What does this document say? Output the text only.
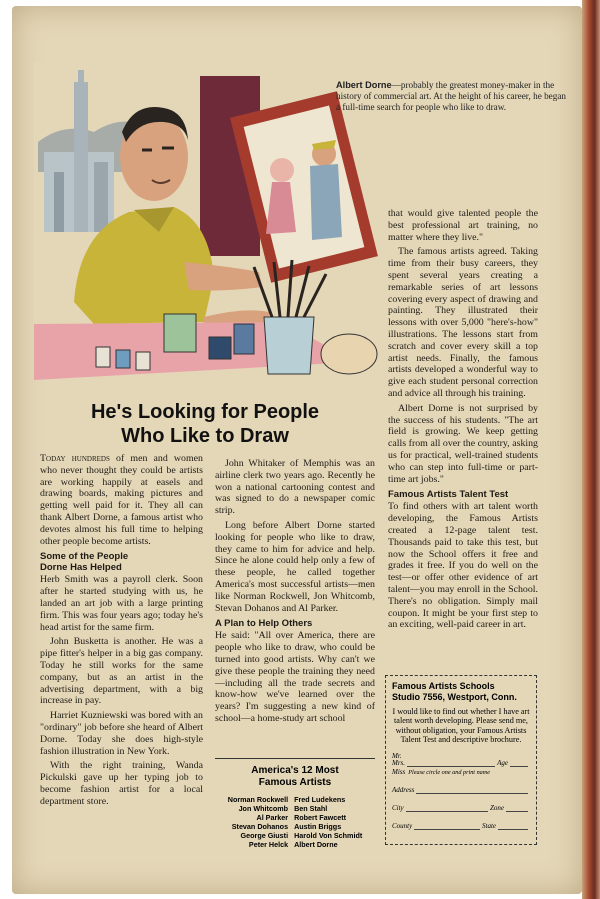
Albert Dorne—probably the greatest money-maker in the history of commercial art. At the height of his career, he began a full-time search for people who like to draw.
He's Looking for People
Who Like to Draw

Today hundreds of men and women who never thought they could be artists are working happily at easels and drawing boards, making pictures and getting well paid for it. They all can thank Albert Dorne, a famous artist who devotes almost his full time to helping other people become artists.

Some of the People
Dorne Has Helped

Herb Smith was a payroll clerk. Soon after he started studying with us, he landed an art job with a large printing firm. This was four years ago; today he's head artist for the same firm.

John Busketta is another. He was a pipe fitter's helper in a big gas company. Today he still works for the same company, but as an artist in the advertising department, with a big increase in pay.

Harriet Kuzniewski was bored with an "ordinary" job before she heard of Albert Dorne. Today she does high-style fashion illustration in New York.

With the right training, Wanda Pickulski gave up her typing job to become fashion artist for a local department store.

John Whitaker of Memphis was an airline clerk two years ago. Recently he won a national cartooning contest and was signed to do a newspaper comic strip.

Long before Albert Dorne started looking for people who like to draw, they came to him for advice and help. Since he alone could help only a few of these people, he called together America's most successful artists—men like Norman Rockwell, Jon Whitcomb, Stevan Dohanos and Al Parker.

A Plan to Help Others

He said: "All over America, there are people who like to draw, who could be turned into good artists. Why can't we give these people the training they need—including all the trade secrets and know-how we've learned over the years? I'm suggesting a new kind of school—a home-study art school

America's 12 Most
Famous Artists
Norman Rockwell	Fred Ludekens
Jon Whitcomb	Ben Stahl
Al Parker	Robert Fawcett
Stevan Dohanos	Austin Briggs
George Giusti	Harold Von Schmidt
Peter Helck	Albert Dorne

that would give talented people the best professional art training, no matter where they live."

The famous artists agreed. Taking time from their busy careers, they spent several years creating a remarkable series of art lessons covering every aspect of drawing and painting. They illustrated their lessons with over 5,000 "here's-how" illustrations. The lessons start from scratch and cover every skill a top artist needs. Finally, the famous artists developed a wonderful way to give each student personal correction and advice all through his training.

Albert Dorne is not surprised by the success of his students. "The art field is growing. We keep getting calls from all over the country, asking us for practical, well-trained students who can step into full-time or part-time art jobs."

Famous Artists Talent Test

To find others with art talent worth developing, the Famous Artists created a 12-page talent test. Thousands paid to take this test, but now the School offers it free and grades it free. If you do well on the test—or offer other evidence of art talent—you may enroll in the School. There's no obligation. Simply mail coupon. It might be your first step to an exciting, well-paid career in art.

Famous Artists Schools
Studio 7556, Westport, Conn.
I would like to find out whether I have art talent worth developing. Please send me, without obligation, your Famous Artists Talent Test and descriptive brochure.
Mr.
Mrs.	Age
Miss Please circle one and print name
Address
City	Zone
County	State
